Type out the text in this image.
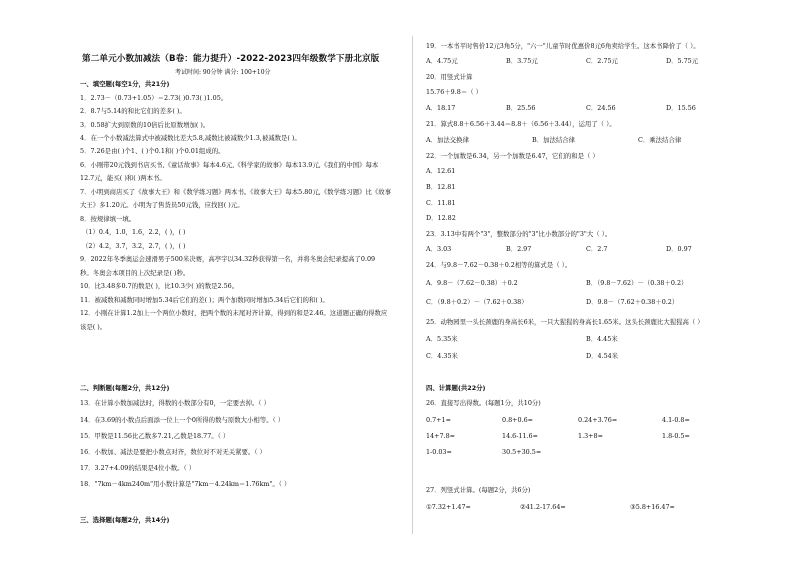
第二单元小数加减法（B卷：能力提升）-2022-2023四年级数学下册北京版
考试时间: 90分钟 满分: 100+10分
一、填空题(每空1分，共21分)
1．2.73－（0.73+1.05）＝2.73( )0.73( )1.05。
2．8.7与5.14的和比它们的差多( )。
3．0.58扩大到原数的10倍后比原数增加( )。
4．在一个小数减法算式中被减数比差大5.8,减数比被减数少1.3,被减数是( )。
5．7.26是由( )个1、( )个0.1和( )个0.01组成的。
6．小刚带20元钱到书店买书,《童话故事》每本4.6元,《科学家的故事》每本13.9元,《我们的中国》每本
12.7元，能买( )和( )两本书。
7．小明到商店买了《故事大王》和《数学练习题》两本书。《故事大王》每本5.80元,《数学练习题》比《故事
大王》多1.20元。小明为了售货员50元钱，应找回( )元。
8．按规律填一填。
（1）0.4，1.0，1.6，2.2，( )，( )
（2）4.2，3.7，3.2，2.7，( )，( )
9．2022年冬季奥运会速滑男子500米决赛，高亭宇以34.32秒获得第一名，并将冬奥会纪录提高了0.09
秒。冬奥会本项目的上次纪录是( )秒。
10．比3.48多0.7的数是( )，比10.3少( )的数是2.56。
11．被减数和减数同时增加5.34后它们的差( )；两个加数同时增加5.34后它们的和( )。
12．小刚在计算1.2加上一个两位小数时，把两个数的末尾对齐计算，得到的和是2.46。这道题正确的得数应
该是( )。
二、判断题(每题2分，共12分)
13．在计算小数加减法时，得数的小数部分有0，一定要去掉。（ ）
14．在3.69的小数点后面添一位上一个0所得的数与原数大小相等。（ ）
15．甲数是11.56比乙数多7.21,乙数是18.77。（ ）
16．小数加、减法是要把小数点对齐，数位对不对无关紧要。（ ）
17．3.27+4.09的结果是4位小数。（ ）
18．"7km－4km240m"用小数计算是"7km－4.24km＝1.76km"。（ ）
三、选择题(每题2分，共14分)
19．一本书平时售价12元3角5分，"六一"儿童节时优惠价8元6角卖给学生。这本书降价了（ ）。
A．4.75元	B．3.75元	C．2.75元	D．5.75元
20．用竖式计算
15.76＋9.8＝（ ）
A．18.17	B．25.56	C．24.56	D．15.56
21．算式8.8＋6.56＋3.44＝8.8＋（6.56＋3.44），运用了（ ）。
A．加法交换律	B．加法结合律	C．乘法结合律
22．一个加数是6.34，另一个加数是6.47，它们的和是（ ）
A．12.61
B．12.81
C．11.81
D．12.82
23．3.13中有两个"3"，整数部分的"3"比小数部分的"3"大（ ）。
A．3.03	B．2.97	C．2.7	D．0.97
24．与9.8－7.62－0.38＋0.2相等的算式是（ ）。
A．9.8－（7.62－0.38）＋0.2	B．（9.8－7.62）－（0.38＋0.2）
C．（9.8＋0.2）－（7.62＋0.38）	D．9.8－（7.62＋0.38＋0.2）
25．动物园里一头长颈鹿的身高长6米，一只大猩猩的身高长1.65米。这头长颈鹿比大猩猩高（ ）
A．5.35米	B．4.45米
C．4.35米	D．4.54米
四、计算题(共22分)
26．直接写出得数。(每题1分，共10分)
0.7+1=	0.8+0.6=	0.24+3.76=	4.1-0.8=
14+7.8=	14.6-11.6=	1.3+8=	1.8-0.5=
1-0.03=	30.5+30.5=
27．列竖式计算。(每题2分，共6分)
①7.32+1.47=	②41.2-17.64=	③5.8+16.47=
